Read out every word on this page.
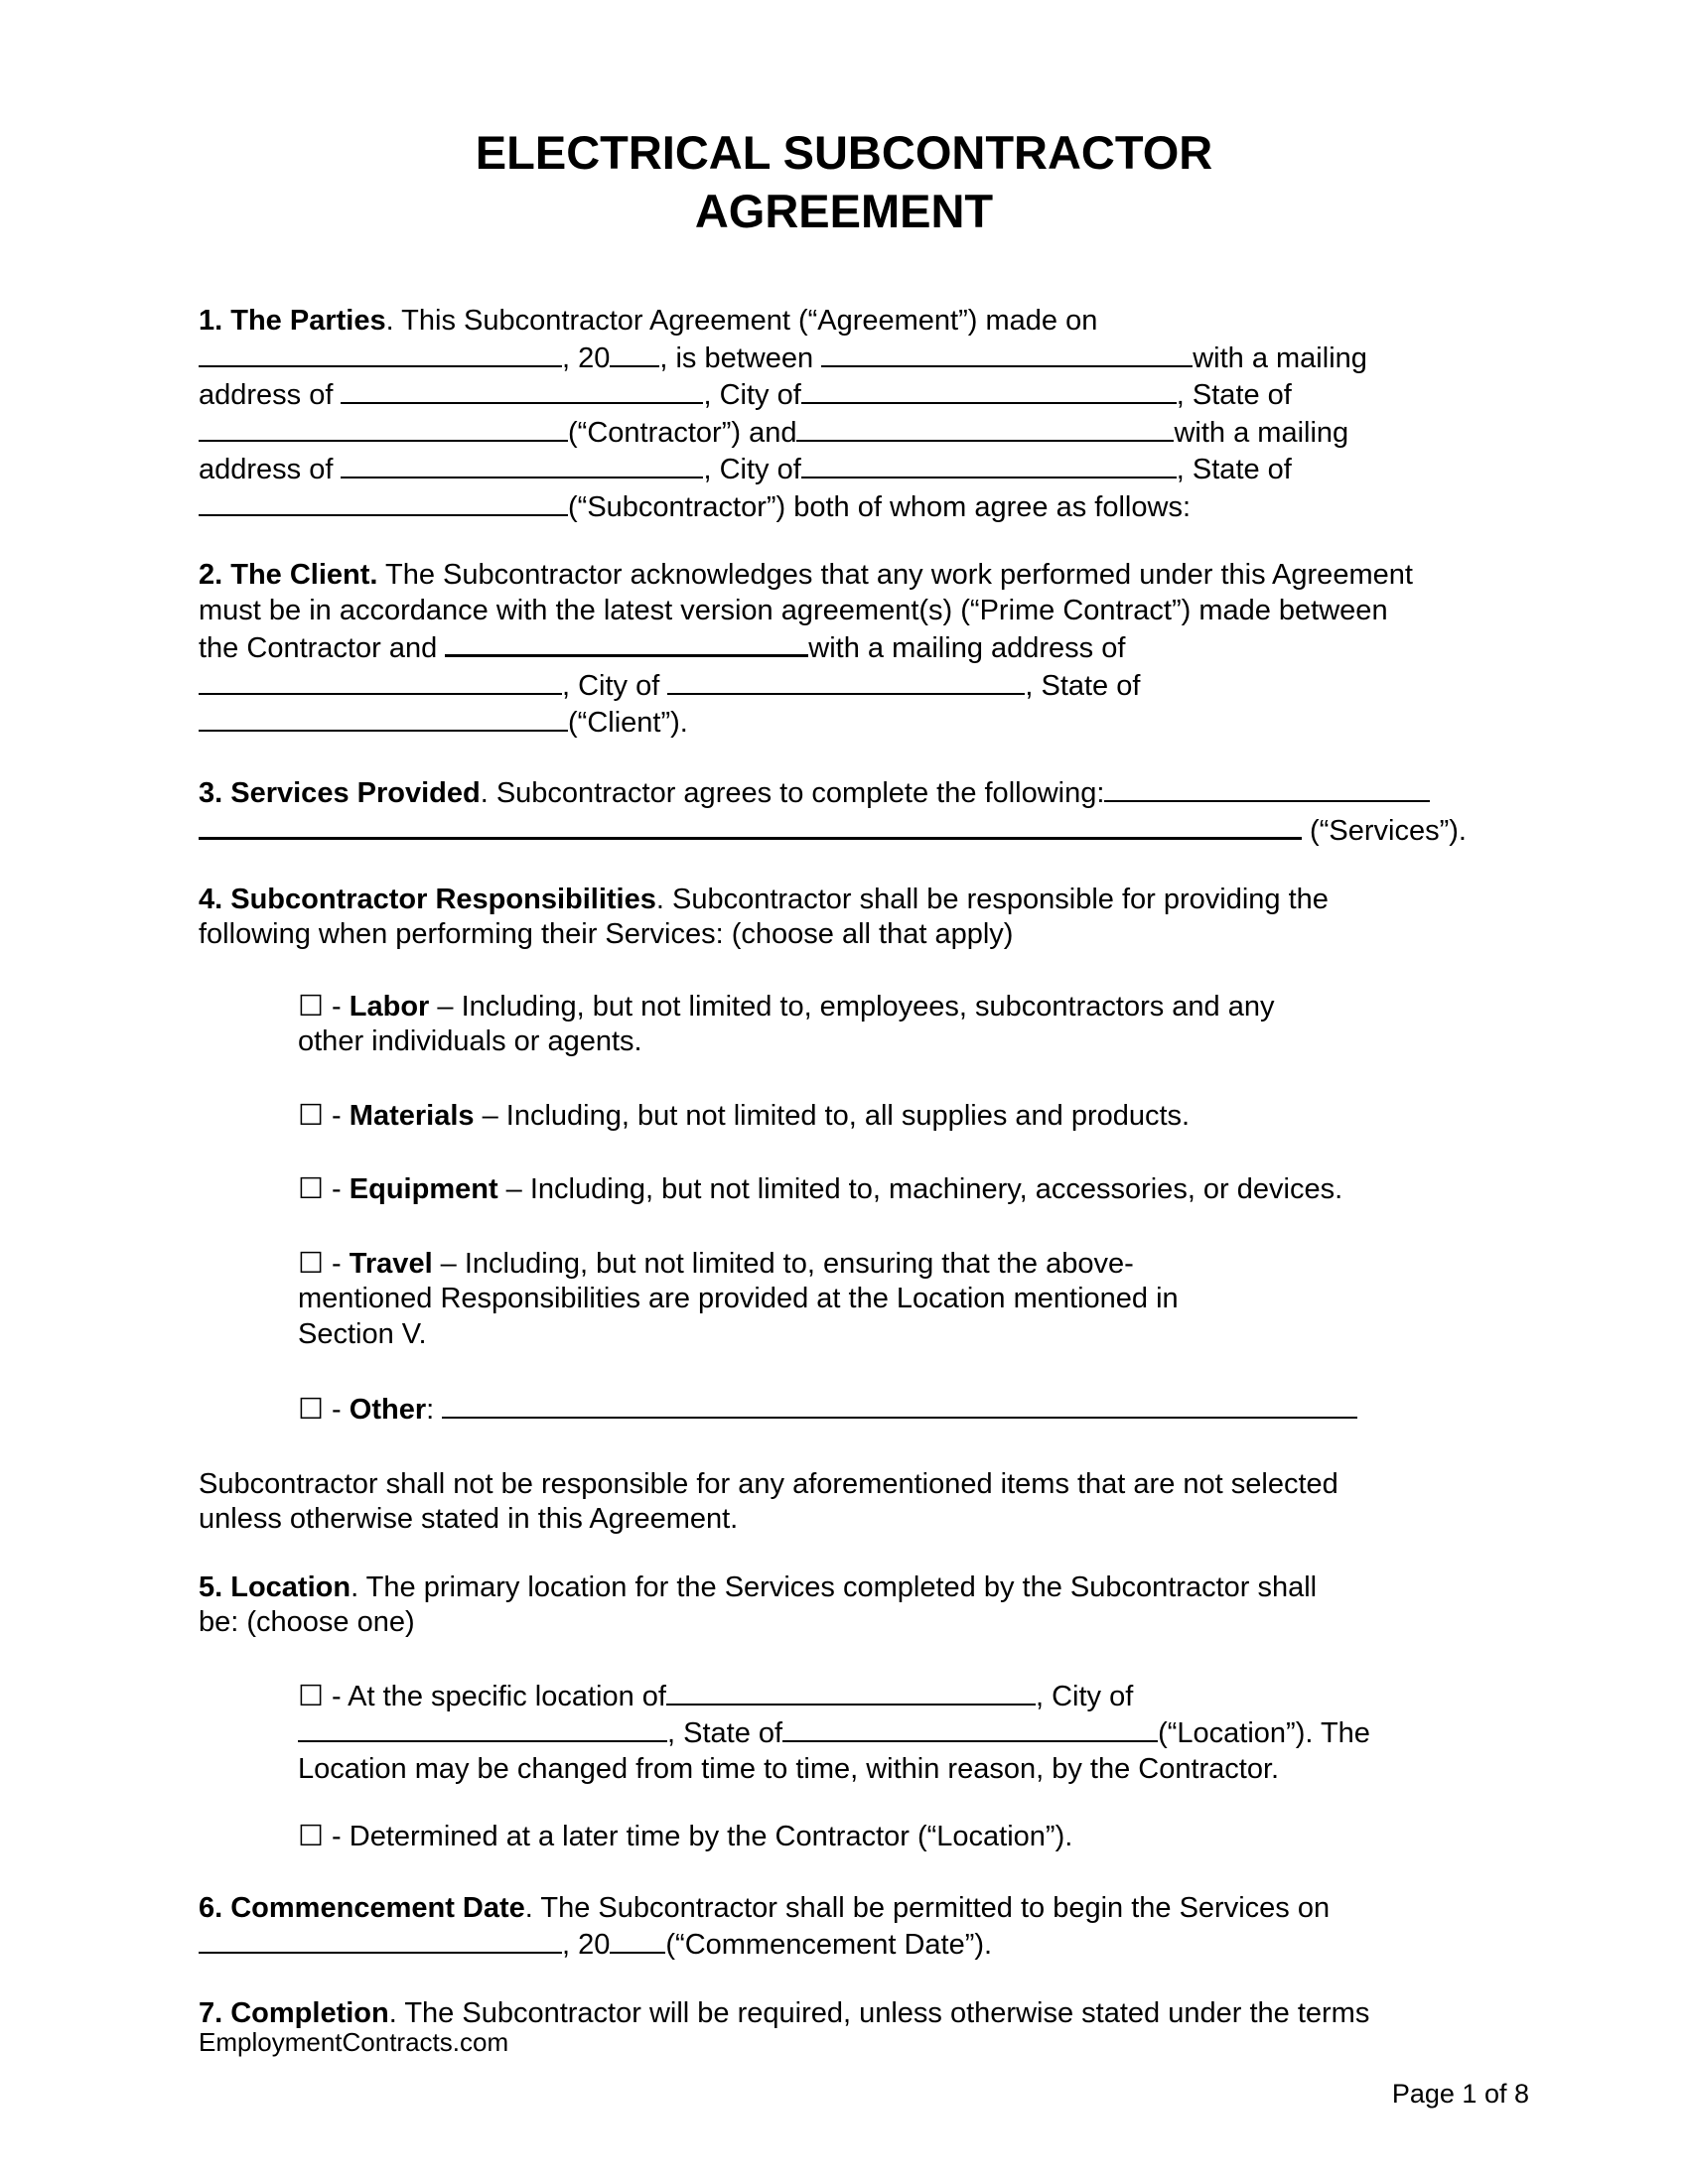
ELECTRICAL SUBCONTRACTOR
AGREEMENT

1. The Parties. This Subcontractor Agreement (“Agreement”) made on

, 20 , is between	with a mailing

address of	, City of	, State of

(“Contractor”) and	with a mailing

address of	, City of	, State of

(“Subcontractor”) both of whom agree as follows:

2. The Client. The Subcontractor acknowledges that any work performed under this Agreement

must be in accordance with the latest version agreement(s) (“Prime Contract”) made between

the Contractor and	with a mailing address of

, City of	, State of

(“Client”).

3. Services Provided. Subcontractor agrees to complete the following:

(“Services”).

4. Subcontractor Responsibilities. Subcontractor shall be responsible for providing the

following when performing their Services: (choose all that apply)

☐ - Labor – Including, but not limited to, employees, subcontractors and any
other individuals or agents.
☐ - Materials – Including, but not limited to, all supplies and products.
☐ - Equipment – Including, but not limited to, machinery, accessories, or devices.
☐ - Travel – Including, but not limited to, ensuring that the above-
mentioned Responsibilities are provided at the Location mentioned in
Section V.
☐ - Other:

Subcontractor shall not be responsible for any aforementioned items that are not selected

unless otherwise stated in this Agreement.

5. Location. The primary location for the Services completed by the Subcontractor shall

be: (choose one)

☐ - At the specific location of	, City of
, State of	(“Location”). The
Location may be changed from time to time, within reason, by the Contractor.
☐ - Determined at a later time by the Contractor (“Location”).

6. Commencement Date. The Subcontractor shall be permitted to begin the Services on

, 20 (“Commencement Date”).

7. Completion. The Subcontractor will be required, unless otherwise stated under the terms

EmploymentContracts.com
Page 1 of 8
